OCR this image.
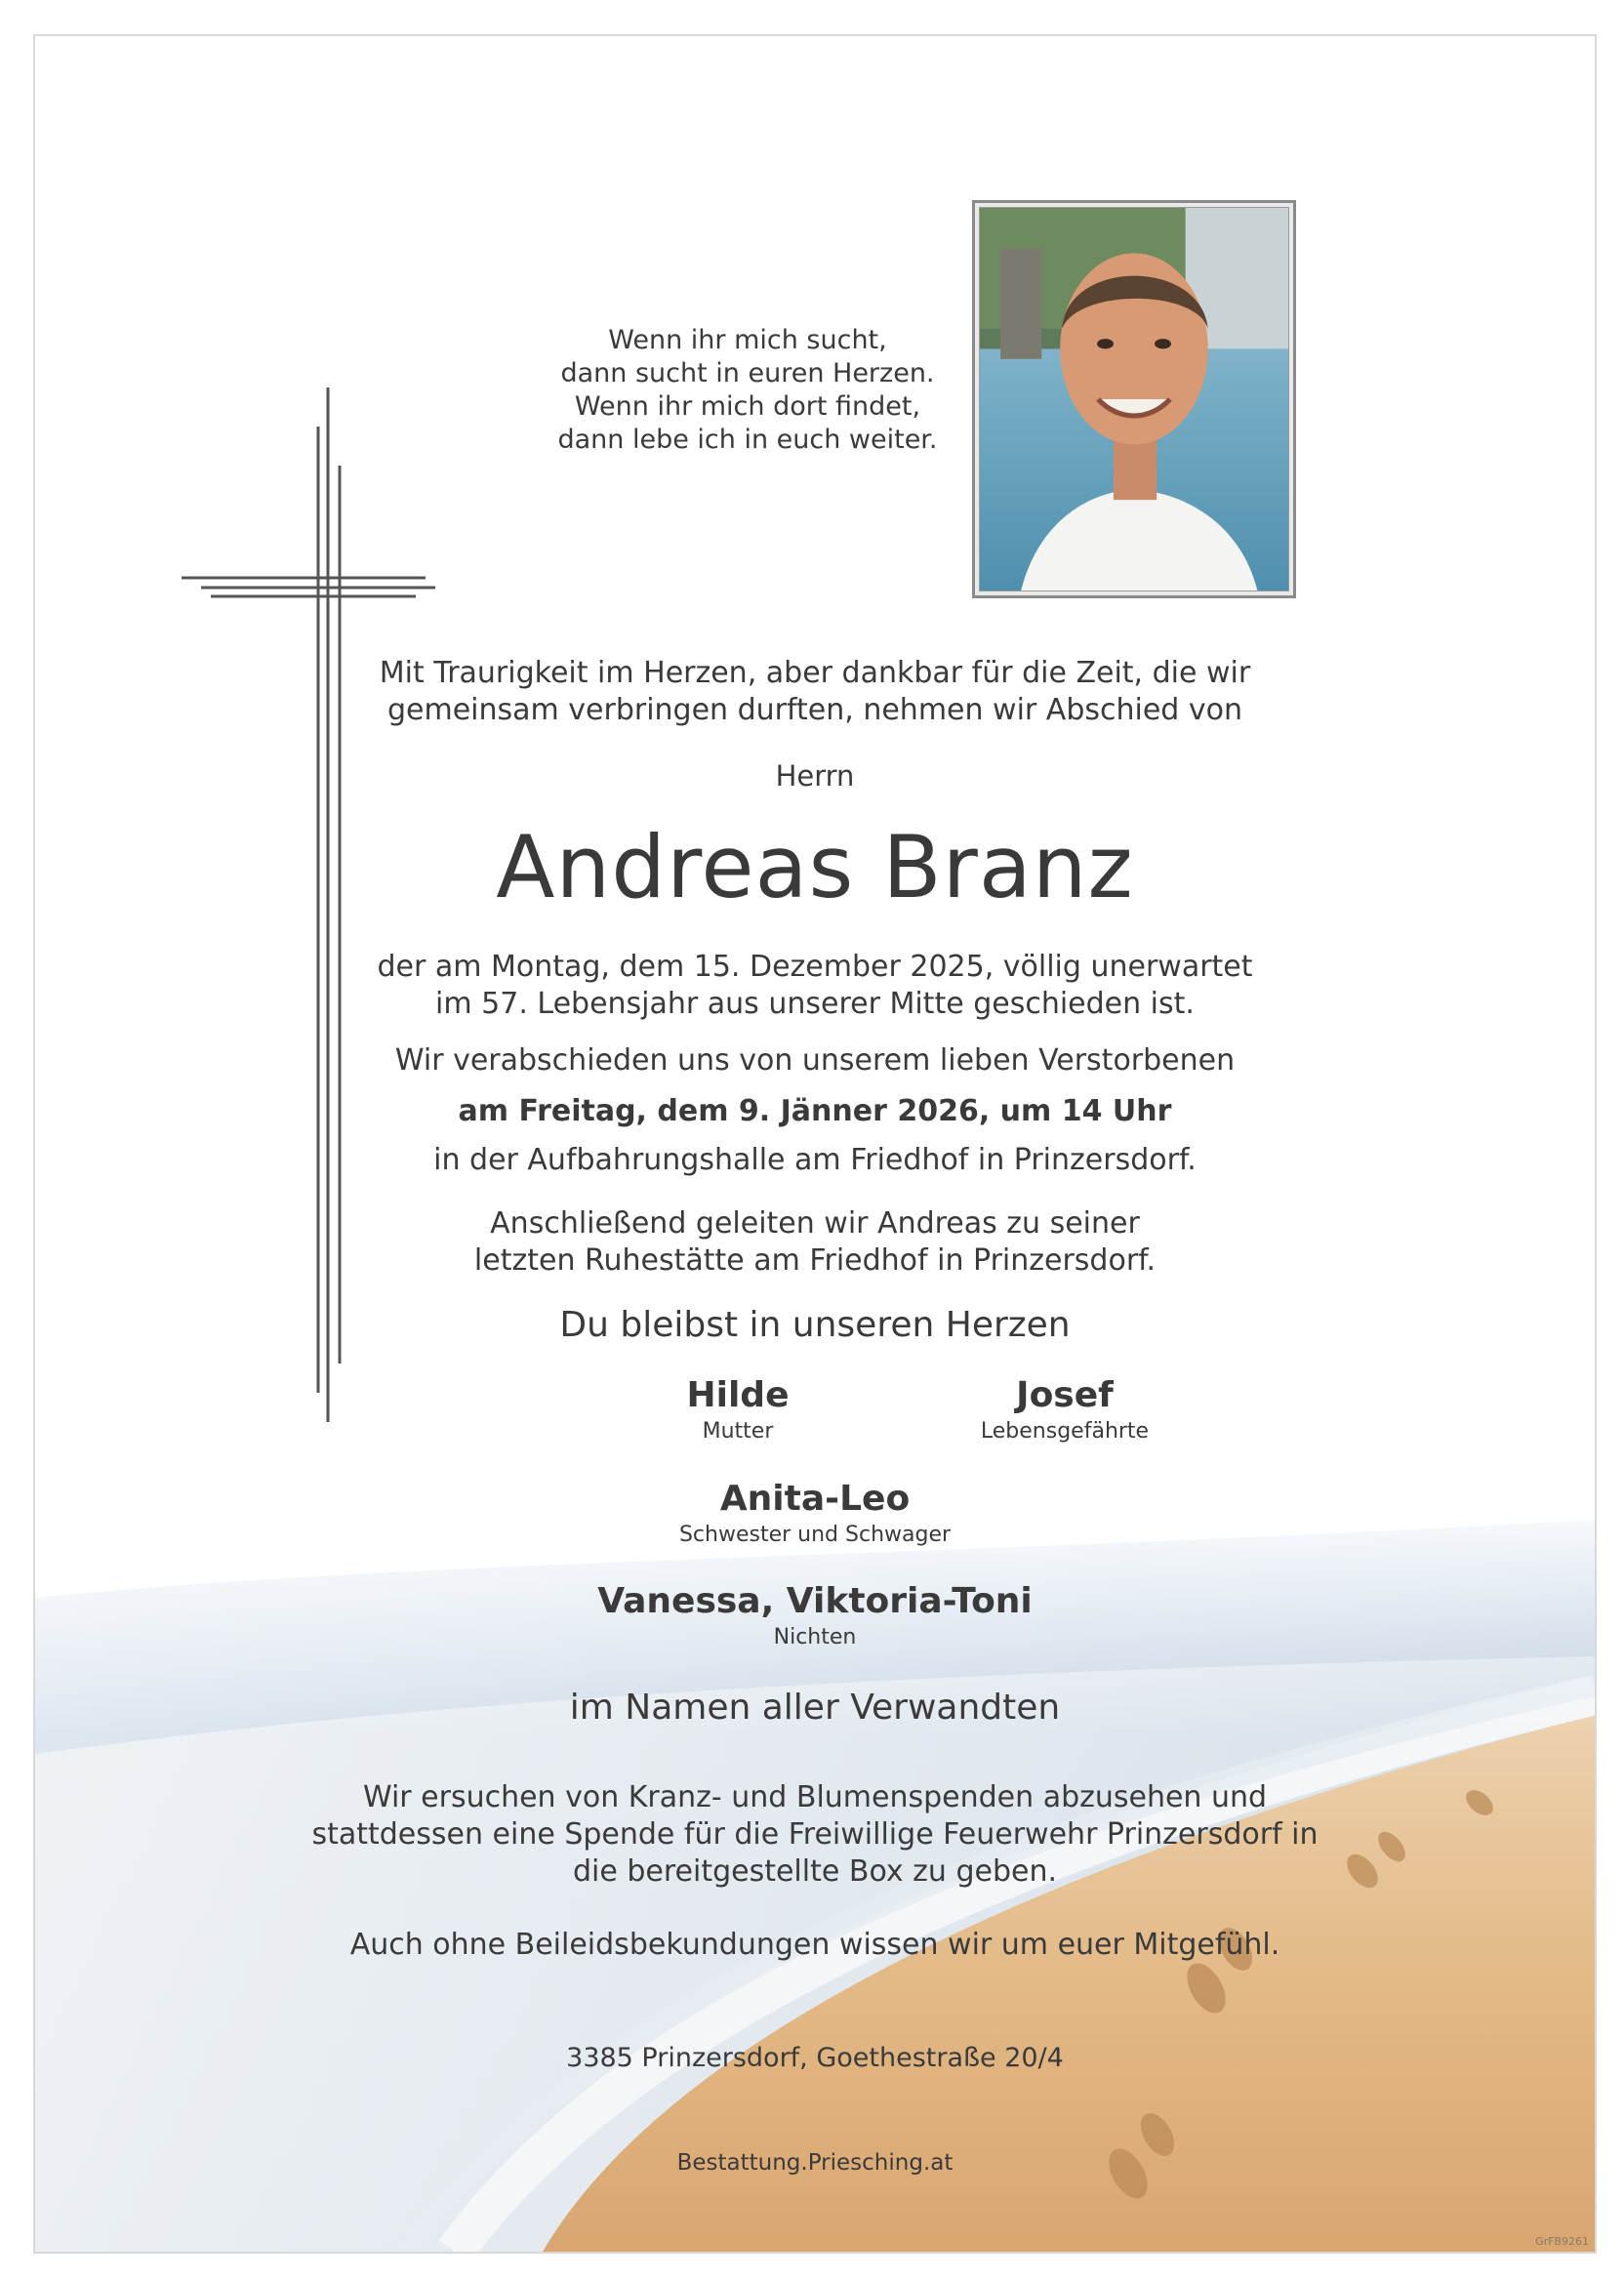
Wenn ihr mich sucht,
dann sucht in euren Herzen.
Wenn ihr mich dort findet,
dann lebe ich in euch weiter.
Mit Traurigkeit im Herzen, aber dankbar für die Zeit, die wir
gemeinsam verbringen durften, nehmen wir Abschied von
Herrn
Andreas Branz
der am Montag, dem 15. Dezember 2025, völlig unerwartet
im 57. Lebensjahr aus unserer Mitte geschieden ist.
Wir verabschieden uns von unserem lieben Verstorbenen
am Freitag, dem 9. Jänner 2026, um 14 Uhr
in der Aufbahrungshalle am Friedhof in Prinzersdorf.
Anschließend geleiten wir Andreas zu seiner
letzten Ruhestätte am Friedhof in Prinzersdorf.
Du bleibst in unseren Herzen
Hilde
Mutter
Josef
Lebensgefährte
Anita-Leo
Schwester und Schwager
Vanessa, Viktoria-Toni
Nichten
im Namen aller Verwandten
Wir ersuchen von Kranz- und Blumenspenden abzusehen und
stattdessen eine Spende für die Freiwillige Feuerwehr Prinzersdorf in
die bereitgestellte Box zu geben.
Auch ohne Beileidsbekundungen wissen wir um euer Mitgefühl.
3385 Prinzersdorf, Goethestraße 20/4
Bestattung.Priesching.at
GrFB9261
